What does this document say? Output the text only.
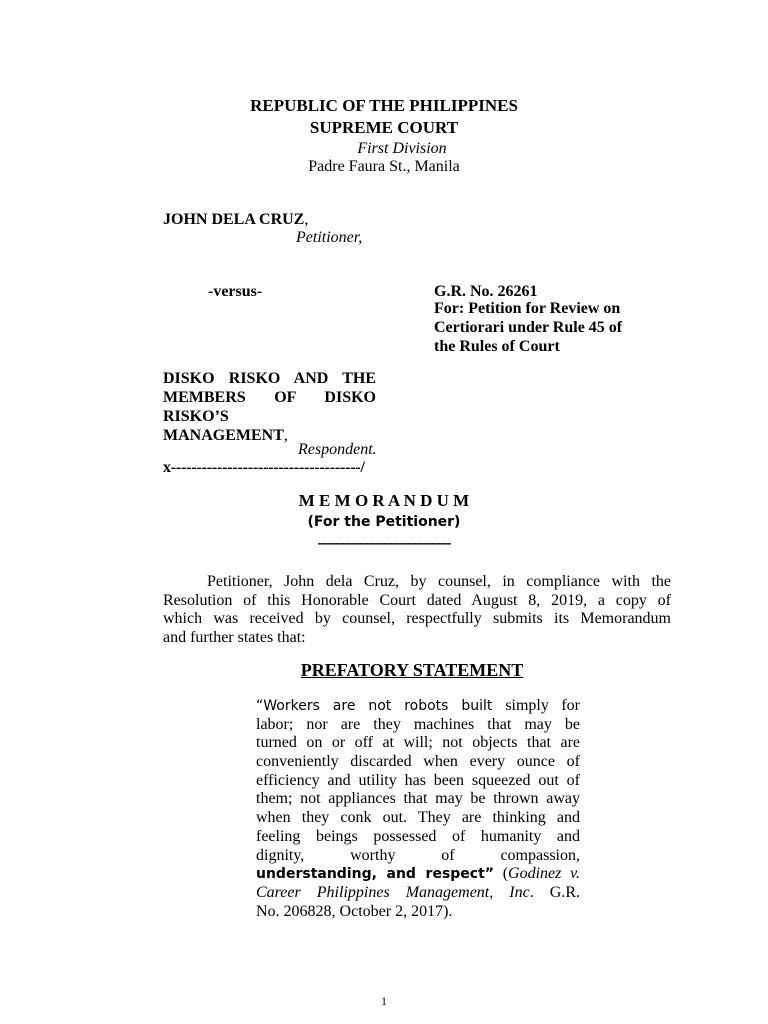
REPUBLIC OF THE PHILIPPINES
SUPREME COURT
First Division
Padre Faura St., Manila
JOHN DELA CRUZ,
Petitioner,
-versus-	G.R. No. 26261
For: Petition for Review on
Certiorari under Rule 45 of
the Rules of Court
DISKO RISKO AND THE
MEMBERS OF DISKO
RISKO’S
MANAGEMENT,
Respondent.
x-------------------------------------/
M E M O R A N D U M
(For the Petitioner)
______________________
Petitioner, John dela Cruz, by counsel, in compliance with the
Resolution of this Honorable Court dated August 8, 2019, a copy of
which was received by counsel, respectfully submits its Memorandum
and further states that:
PREFATORY STATEMENT
“Workers are not robots built simply for
labor; nor are they machines that may be
turned on or off at will; not objects that are
conveniently discarded when every ounce of
efficiency and utility has been squeezed out of
them; not appliances that may be thrown away
when they conk out. They are thinking and
feeling beings possessed of humanity and
dignity, worthy of compassion,
understanding, and respect” (Godinez v.
Career Philippines Management, Inc. G.R.
No. 206828, October 2, 2017).
1
